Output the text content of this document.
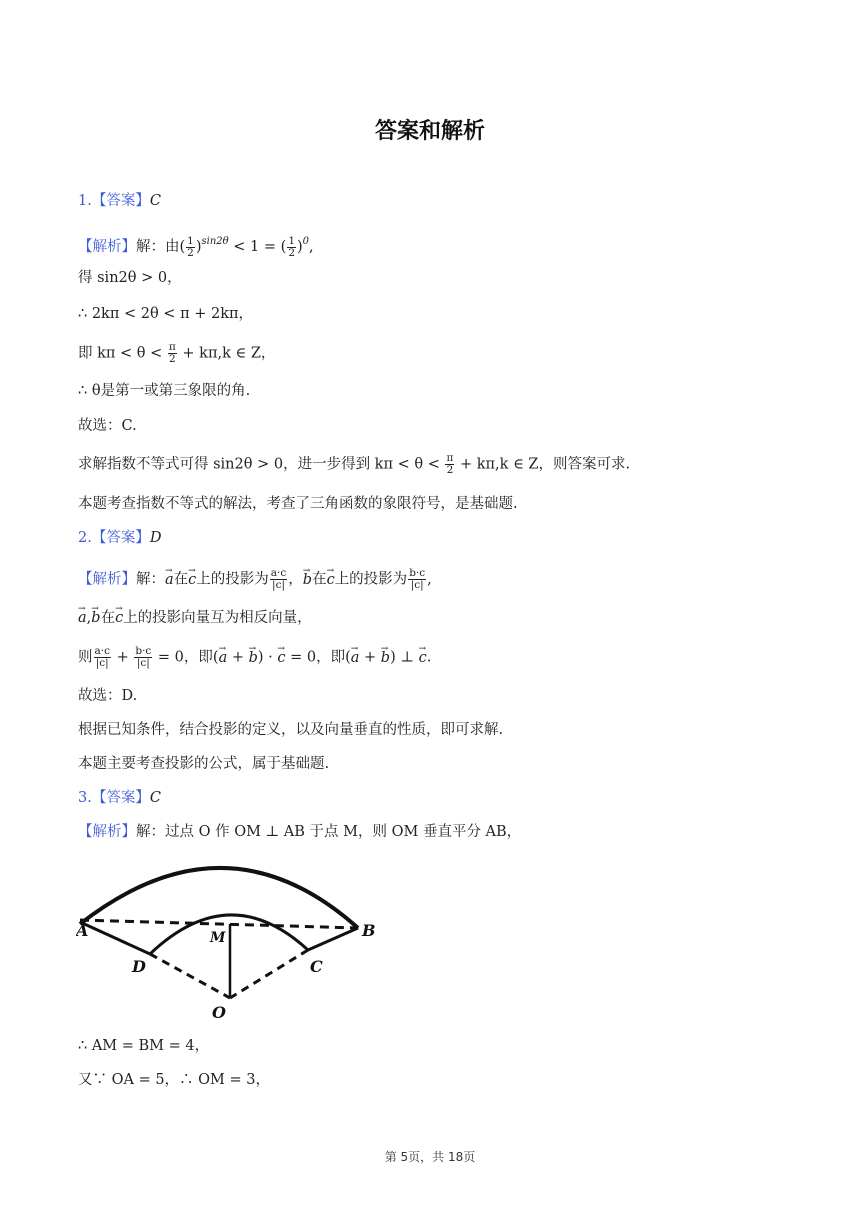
答案和解析
1.【答案】C
【解析】解：由( $\frac{1}{2} )^{sin2\theta} < 1$ = ( $\frac{1}{2} )^0$,
得 sin2θ > 0，
∴ 2kπ < 2θ < π + 2kπ，
即 $k\pi < \theta < \frac{\pi}{2} + k\pi,k$ ∈ Z，
∴ θ是第一或第三象限的角.
故选：C.
求解指数不等式可得 sin2θ > 0，进一步得到 $k\pi < \theta < \frac{\pi}{2} + k\pi,k$ ∈ Z，则答案可求.
本题考查指数不等式的解法，考查了三角函数的象限符号，是基础题.
2.【答案】D
【解析】解：→ a在→ c上的投影为 $\frac{a\cdot c}{|c|}$ ，→ b在→ c上的投影为 $\frac{b\cdot c}{|c|}$ ,
→ a,→ b在→ c上的投影向量互为相反向量，
则 $\frac{a\cdot c}{|c|} + \frac{b\cdot c}{|c|} = 0$，即(→ a + → b) · → c = 0，即(→ a + → b) ⊥ → c.
故选：D.
根据已知条件，结合投影的定义，以及向量垂直的性质，即可求解.
本题主要考查投影的公式，属于基础题.
3.【答案】C
【解析】解：过点 O 作 OM ⊥ AB 于点 M，则 OM 垂直平分 AB，
A	B
C
D
M
O
∴ AM = BM = 4，
又∵ OA = 5，∴ OM = 3，
第 5页，共 18页
